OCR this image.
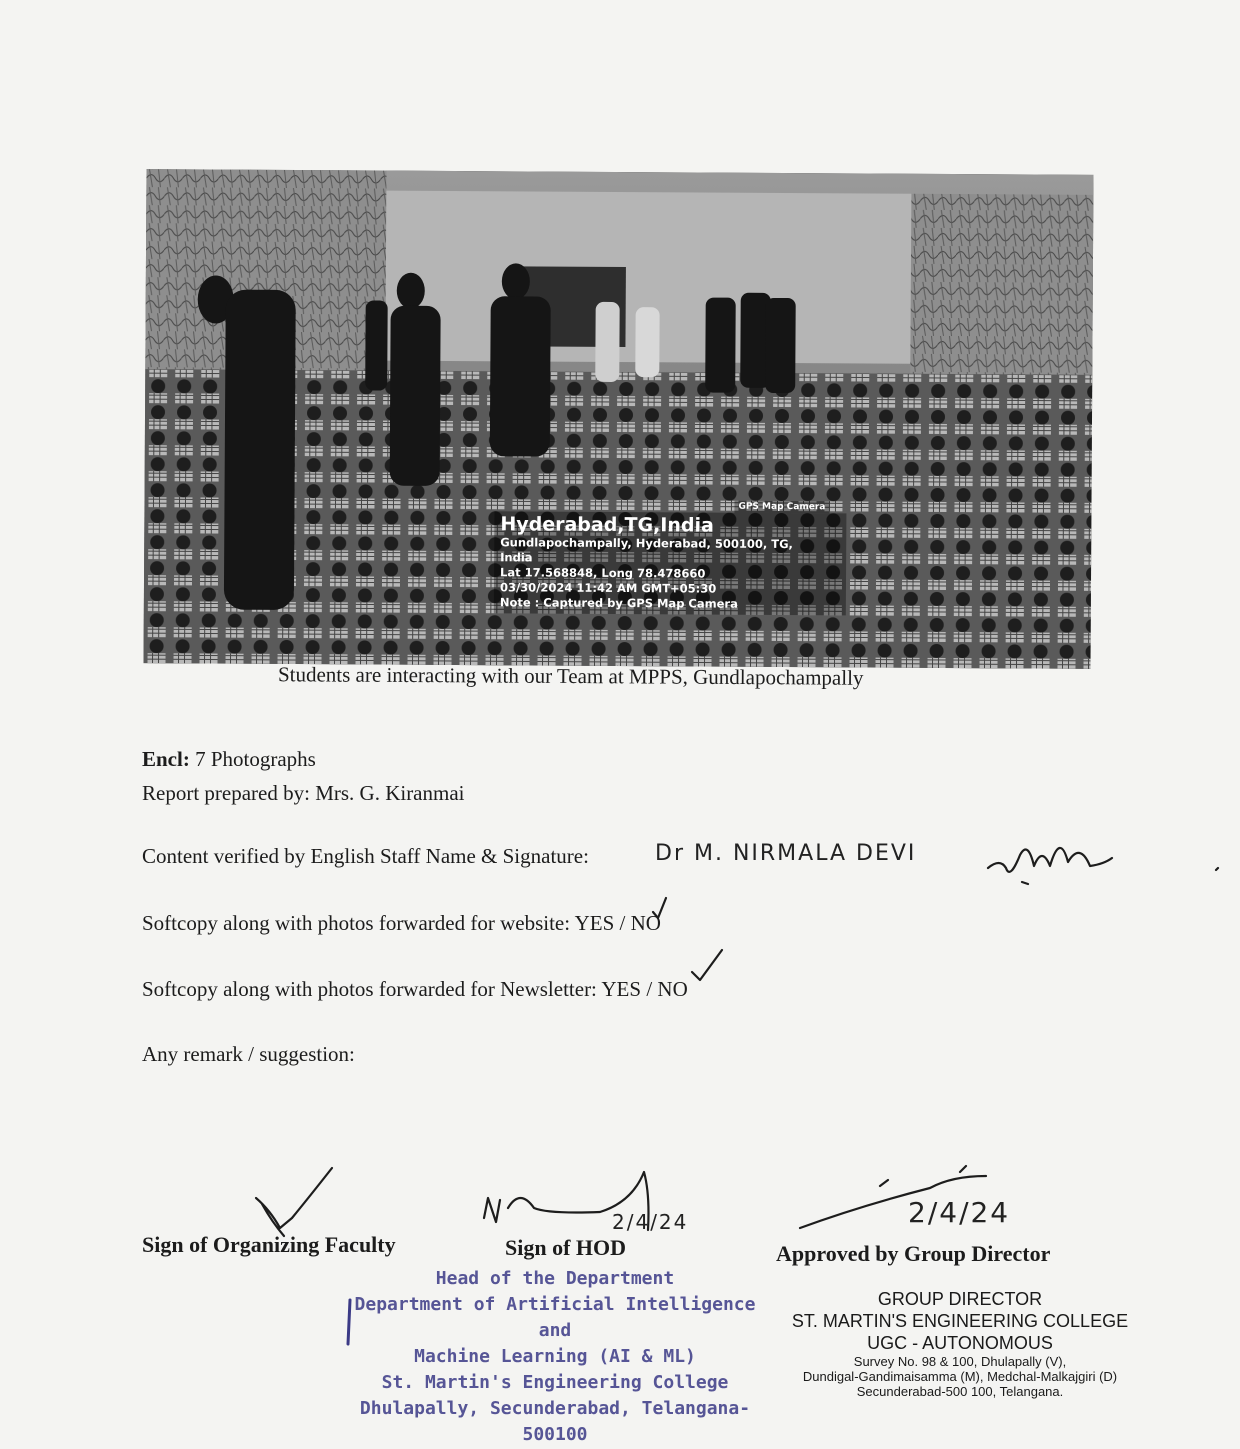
GPS Map Camera
Hyderabad,TG,India
Gundlapochampally, Hyderabad, 500100, TG,
India
Lat 17.568848, Long 78.478660
03/30/2024 11:42 AM GMT+05:30
Note : Captured by GPS Map Camera
Students are interacting with our Team at MPPS, Gundlapochampally
Encl: 7 Photographs
Report prepared by: Mrs. G. Kiranmai
Content verified by English Staff Name & Signature:	Dr M. NIRMALA DEVI
Softcopy along with photos forwarded for website: YES / NO
Softcopy along with photos forwarded for Newsletter: YES / NO
Any remark / suggestion:
Sign of Organizing Faculty	Sign of HOD	Approved by Group Director
2/4/24	2/4/24
Head of the Department
Department of Artificial Intelligence and
Machine Learning (AI & ML)
St. Martin's Engineering College
Dhulapally, Secunderabad, Telangana-500100
GROUP DIRECTOR
ST. MARTIN'S ENGINEERING COLLEGE
UGC - AUTONOMOUS
Survey No. 98 & 100, Dhulapally (V),
Dundigal-Gandimaisamma (M), Medchal-Malkajgiri (D)
Secunderabad-500 100, Telangana.
